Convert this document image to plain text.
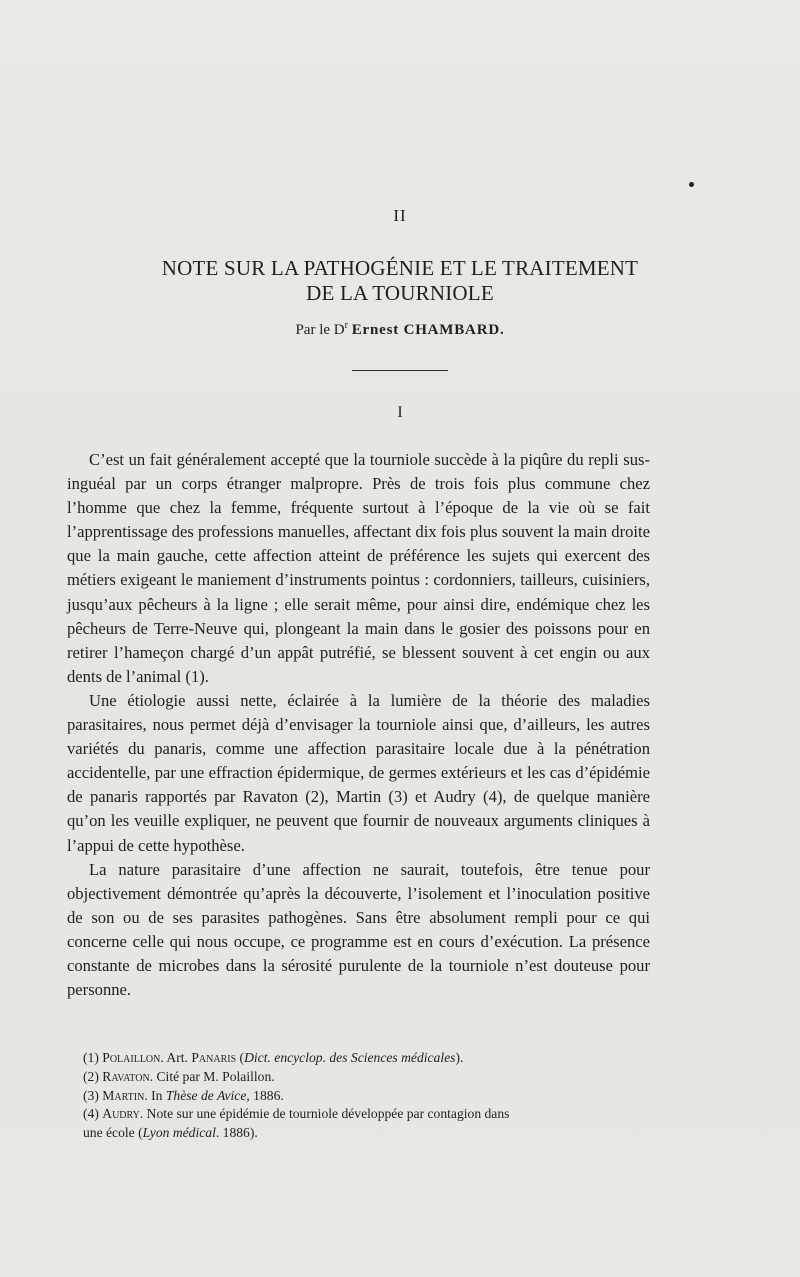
II
NOTE SUR LA PATHOGÉNIE ET LE TRAITEMENT
DE LA TOURNIOLE
Par le $D^r$ Ernest CHAMBARD.
I

C’est un fait généralement accepté que la tourniole succède à la piqûre du repli sus-inguéal par un corps étranger malpropre. Près de trois fois plus commune chez l’homme que chez la femme, fréquente surtout à l’époque de la vie où se fait l’apprentissage des professions manuelles, affectant dix fois plus souvent la main droite que la main gauche, cette affection atteint de préférence les sujets qui exercent des métiers exigeant le maniement d’instruments pointus : cordonniers, tailleurs, cuisiniers, jusqu’aux pêcheurs à la ligne ; elle serait même, pour ainsi dire, endémique chez les pêcheurs de Terre-Neuve qui, plongeant la main dans le gosier des poissons pour en retirer l’hameçon chargé d’un appât putréfié, se blessent souvent à cet engin ou aux dents de l’animal (1).

Une étiologie aussi nette, éclairée à la lumière de la théorie des maladies parasitaires, nous permet déjà d’envisager la tourniole ainsi que, d’ailleurs, les autres variétés du panaris, comme une affection parasitaire locale due à la pénétration accidentelle, par une effraction épidermique, de germes extérieurs et les cas d’épidémie de panaris rapportés par Ravaton (2), Martin (3) et Audry (4), de quelque manière qu’on les veuille expliquer, ne peuvent que fournir de nouveaux arguments cliniques à l’appui de cette hypothèse.

La nature parasitaire d’une affection ne saurait, toutefois, être tenue pour objectivement démontrée qu’après la découverte, l’isolement et l’inoculation positive de son ou de ses parasites pathogènes. Sans être absolument rempli pour ce qui concerne celle qui nous occupe, ce programme est en cours d’exécution. La présence constante de microbes dans la sérosité purulente de la tourniole n’est douteuse pour personne.

(1) Polaillon. Art. Panaris (Dict. encyclop. des Sciences médicales).

(2) Ravaton. Cité par M. Polaillon.

(3) Martin. In Thèse de Avice, 1886.

(4) Audry. Note sur une épidémie de tourniole développée par contagion dans

une école (Lyon médical. 1886).
